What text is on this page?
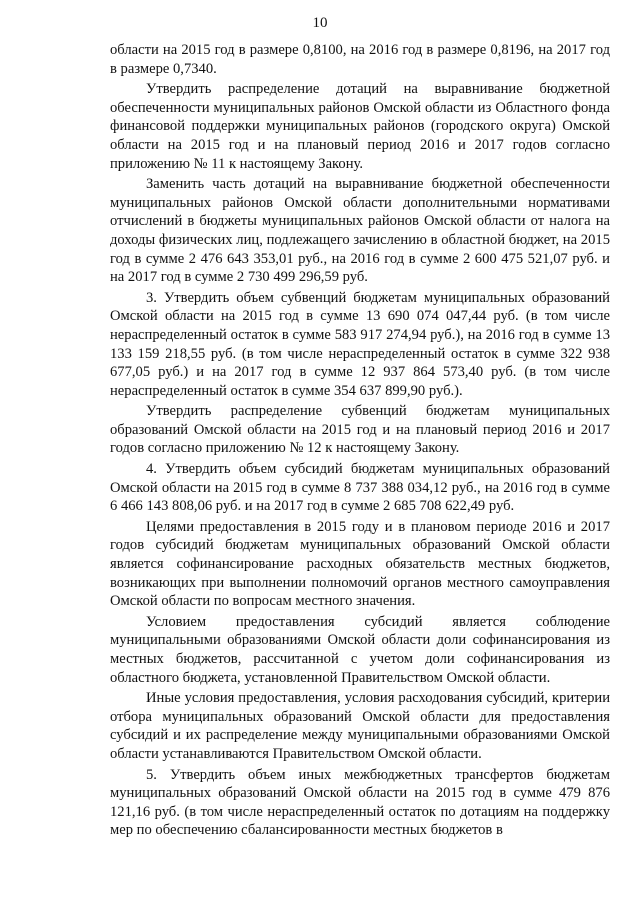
10

области на 2015 год в размере 0,8100, на 2016 год в размере 0,8196, на 2017 год в размере 0,7340.

Утвердить распределение дотаций на выравнивание бюджетной обеспеченности муниципальных районов Омской области из Областного фонда финансовой поддержки муниципальных районов (городского округа) Омской области на 2015 год и на плановый период 2016 и 2017 годов согласно приложению № 11 к настоящему Закону.

Заменить часть дотаций на выравнивание бюджетной обеспеченности муниципальных районов Омской области дополнительными нормативами отчислений в бюджеты муниципальных районов Омской области от налога на доходы физических лиц, подлежащего зачислению в областной бюджет, на 2015 год в сумме 2 476 643 353,01 руб., на 2016 год в сумме 2 600 475 521,07 руб. и на 2017 год в сумме 2 730 499 296,59 руб.

3. Утвердить объем субвенций бюджетам муниципальных образований Омской области на 2015 год в сумме 13 690 074 047,44 руб. (в том числе нераспределенный остаток в сумме 583 917 274,94 руб.), на 2016 год в сумме 13 133 159 218,55 руб. (в том числе нераспределенный остаток в сумме 322 938 677,05 руб.) и на 2017 год в сумме 12 937 864 573,40 руб. (в том числе нераспределенный остаток в сумме 354 637 899,90 руб.).

Утвердить распределение субвенций бюджетам муниципальных образований Омской области на 2015 год и на плановый период 2016 и 2017 годов согласно приложению № 12 к настоящему Закону.

4. Утвердить объем субсидий бюджетам муниципальных образований Омской области на 2015 год в сумме 8 737 388 034,12 руб., на 2016 год в сумме 6 466 143 808,06 руб. и на 2017 год в сумме 2 685 708 622,49 руб.

Целями предоставления в 2015 году и в плановом периоде 2016 и 2017 годов субсидий бюджетам муниципальных образований Омской области является софинансирование расходных обязательств местных бюджетов, возникающих при выполнении полномочий органов местного самоуправления Омской области по вопросам местного значения.

Условием предоставления субсидий является соблюдение муниципальными образованиями Омской области доли софинансирования из местных бюджетов, рассчитанной с учетом доли софинансирования из областного бюджета, установленной Правительством Омской области.

Иные условия предоставления, условия расходования субсидий, критерии отбора муниципальных образований Омской области для предоставления субсидий и их распределение между муниципальными образованиями Омской области устанавливаются Правительством Омской области.

5. Утвердить объем иных межбюджетных трансфертов бюджетам муниципальных образований Омской области на 2015 год в сумме 479 876 121,16 руб. (в том числе нераспределенный остаток по дотациям на поддержку мер по обеспечению сбалансированности местных бюджетов в
